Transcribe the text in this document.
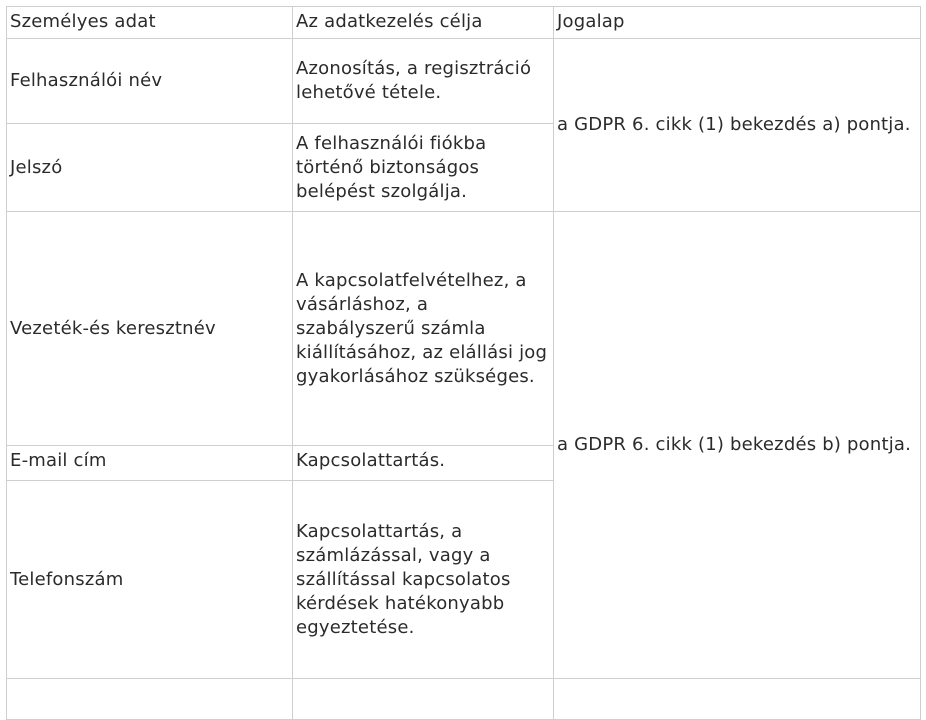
Személyes adat	Az adatkezelés célja	Jogalap
Felhasználói név	Azonosítás, a regisztráció lehetővé tétele.	a GDPR 6. cikk (1) bekezdés a) pontja.
Jelszó	A felhasználói fiókba történő biztonságos belépést szolgálja.	
Vezeték-és keresztnév	A kapcsolatfelvételhez, a vásárláshoz, a szabályszerű számla kiállításához, az elállási jog gyakorlásához szükséges.	a GDPR 6. cikk (1) bekezdés b) pontja.
E-mail cím	Kapcsolattartás.	
Telefonszám	Kapcsolattartás, a számlázással, vagy a szállítással kapcsolatos kérdések hatékonyabb egyeztetése.	
